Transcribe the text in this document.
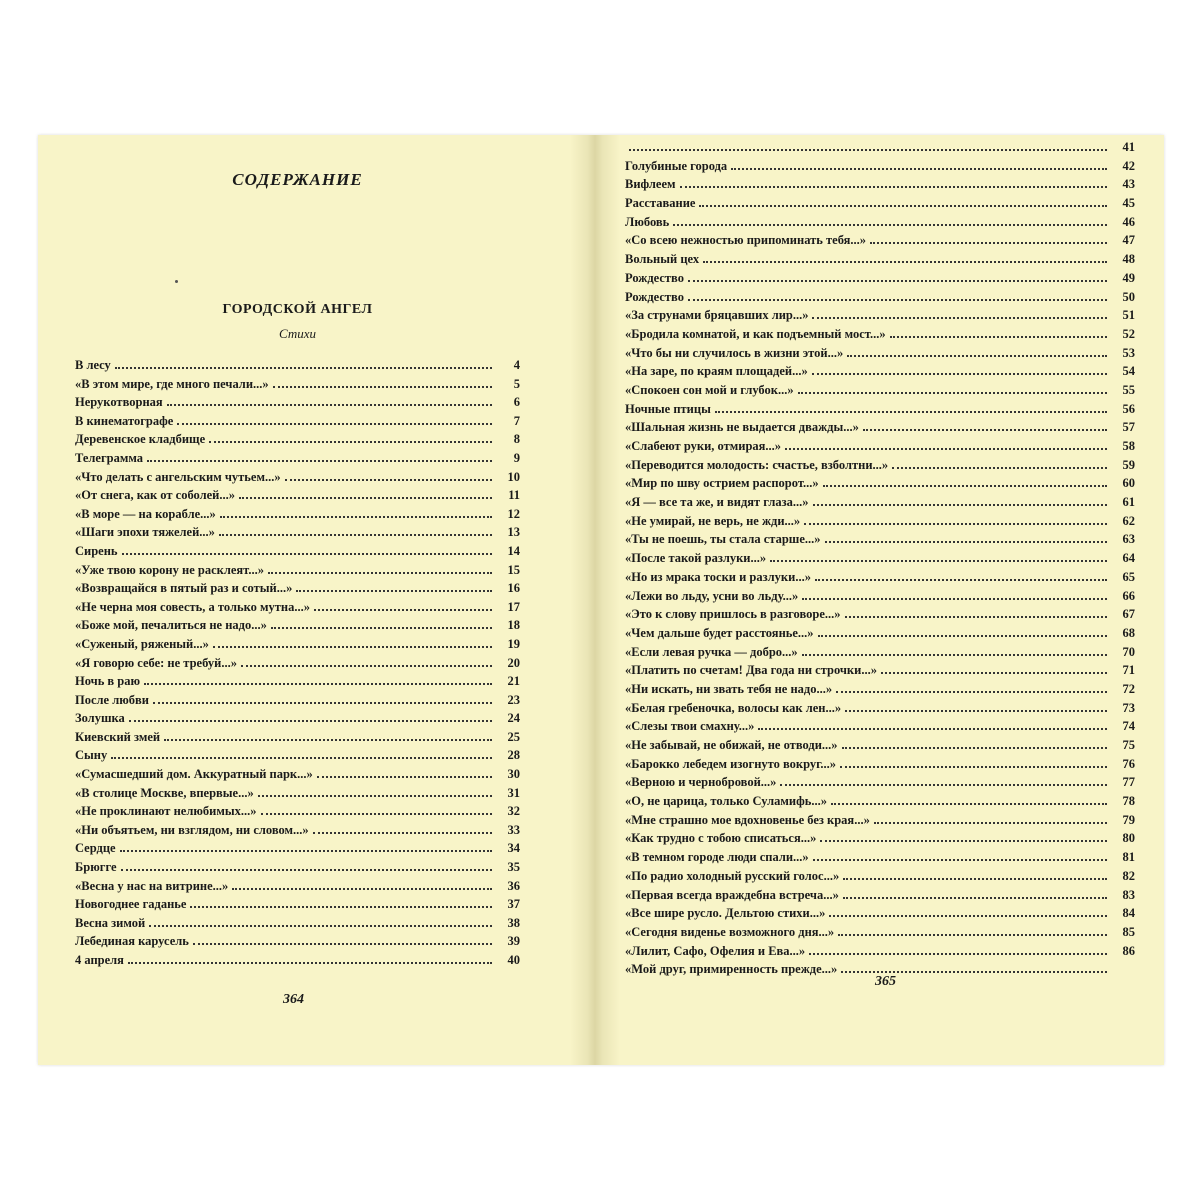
СОДЕРЖАНИЕ
ГОРОДСКОЙ АНГЕЛ
Стихи
В лесу	4
«В этом мире, где много печали...»	5
Нерукотворная	6
В кинематографе	7
Деревенское кладбище	8
Телеграмма	9
«Что делать с ангельским чутьем...»	10
«От снега, как от соболей...»	11
«В море — на корабле...»	12
«Шаги эпохи тяжелей...»	13
Сирень	14
«Уже твою корону не расклеят...»	15
«Возвращайся в пятый раз и сотый...»	16
«Не черна моя совесть, а только мутна...»	17
«Боже мой, печалиться не надо...»	18
«Суженый, ряженый...»	19
«Я говорю себе: не требуй...»	20
Ночь в раю	21
После любви	23
Золушка	24
Киевский змей	25
Сыну	28
«Сумасшедший дом. Аккуратный парк...»	30
«В столице Москве, впервые...»	31
«Не проклинают нелюбимых...»	32
«Ни объятьем, ни взглядом, ни словом...»	33
Сердце	34
Брюгге	35
«Весна у нас на витрине...»	36
Новогоднее гаданье	37
Весна зимой	38
Лебединая карусель	39
4 апреля	40
41
Голубиные города	42
Вифлеем	43
Расставание	45
Любовь	46
«Со всею нежностью припоминать тебя...»	47
Вольный цех	48
Рождество	49
Рождество	50
«За струнами бряцавших лир...»	51
«Бродила комнатой, и как подъемный мост...»	52
«Что бы ни случилось в жизни этой...»	53
«На заре, по краям площадей...»	54
«Спокоен сон мой и глубок...»	55
Ночные птицы	56
«Шальная жизнь не выдается дважды...»	57
«Слабеют руки, отмирая...»	58
«Переводится молодость: счастье, взболтни...»	59
«Мир по шву острием распорот...»	60
«Я — все та же, и видят глаза...»	61
«Не умирай, не верь, не жди...»	62
«Ты не поешь, ты стала старше...»	63
«После такой разлуки...»	64
«Но из мрака тоски и разлуки...»	65
«Лежи во льду, усни во льду...»	66
«Это к слову пришлось в разговоре...»	67
«Чем дальше будет расстоянье...»	68
«Если левая ручка — добро...»	70
«Платить по счетам! Два года ни строчки...»	71
«Ни искать, ни звать тебя не надо...»	72
«Белая гребеночка, волосы как лен...»	73
«Слезы твои смахну...»	74
«Не забывай, не обижай, не отводи...»	75
«Барокко лебедем изогнуто вокруг...»	76
«Верною и чернобровой...»	77
«О, не царица, только Суламифь...»	78
«Мне страшно мое вдохновенье без края...»	79
«Как трудно с тобою списаться...»	80
«В темном городе люди спали...»	81
«По радио холодный русский голос...»	82
«Первая всегда враждебна встреча...»	83
«Все шире русло. Дельтою стихи...»	84
«Сегодня виденье возможного дня...»	85
«Лилит, Сафо, Офелия и Ева...»	86
«Мой друг, примиренность прежде...»
364
365
